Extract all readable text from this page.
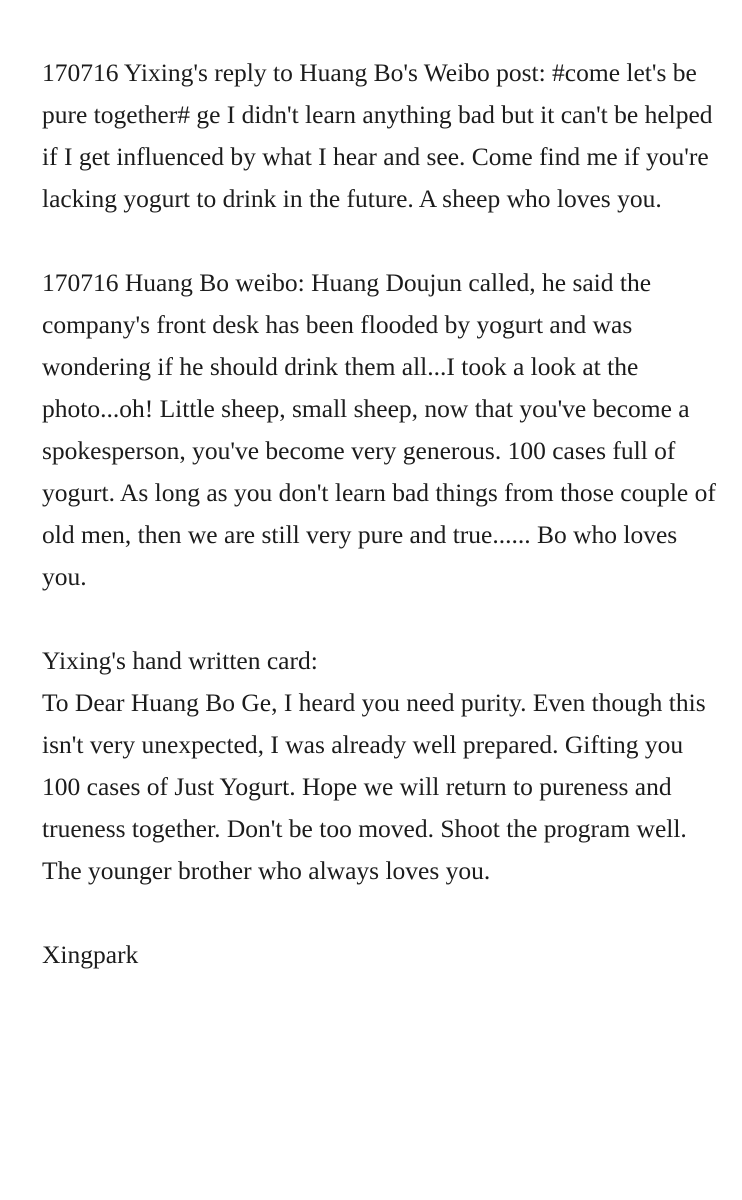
170716 Yixing's reply to Huang Bo's Weibo post: #come let's be pure together# ge I didn't learn anything bad but it can't be helped if I get influenced by what I hear and see. Come find me if you're lacking yogurt to drink in the future. A sheep who loves you.

170716 Huang Bo weibo: Huang Doujun called, he said the company's front desk has been flooded by yogurt and was wondering if he should drink them all...I took a look at the photo...oh! Little sheep, small sheep, now that you've become a spokesperson, you've become very generous. 100 cases full of yogurt. As long as you don't learn bad things from those couple of old men, then we are still very pure and true...... Bo who loves you.

Yixing's hand written card:

To Dear Huang Bo Ge, I heard you need purity. Even though this isn't very unexpected, I was already well prepared. Gifting you 100 cases of Just Yogurt. Hope we will return to pureness and trueness together. Don't be too moved. Shoot the program well. The younger brother who always loves you.

Xingpark
